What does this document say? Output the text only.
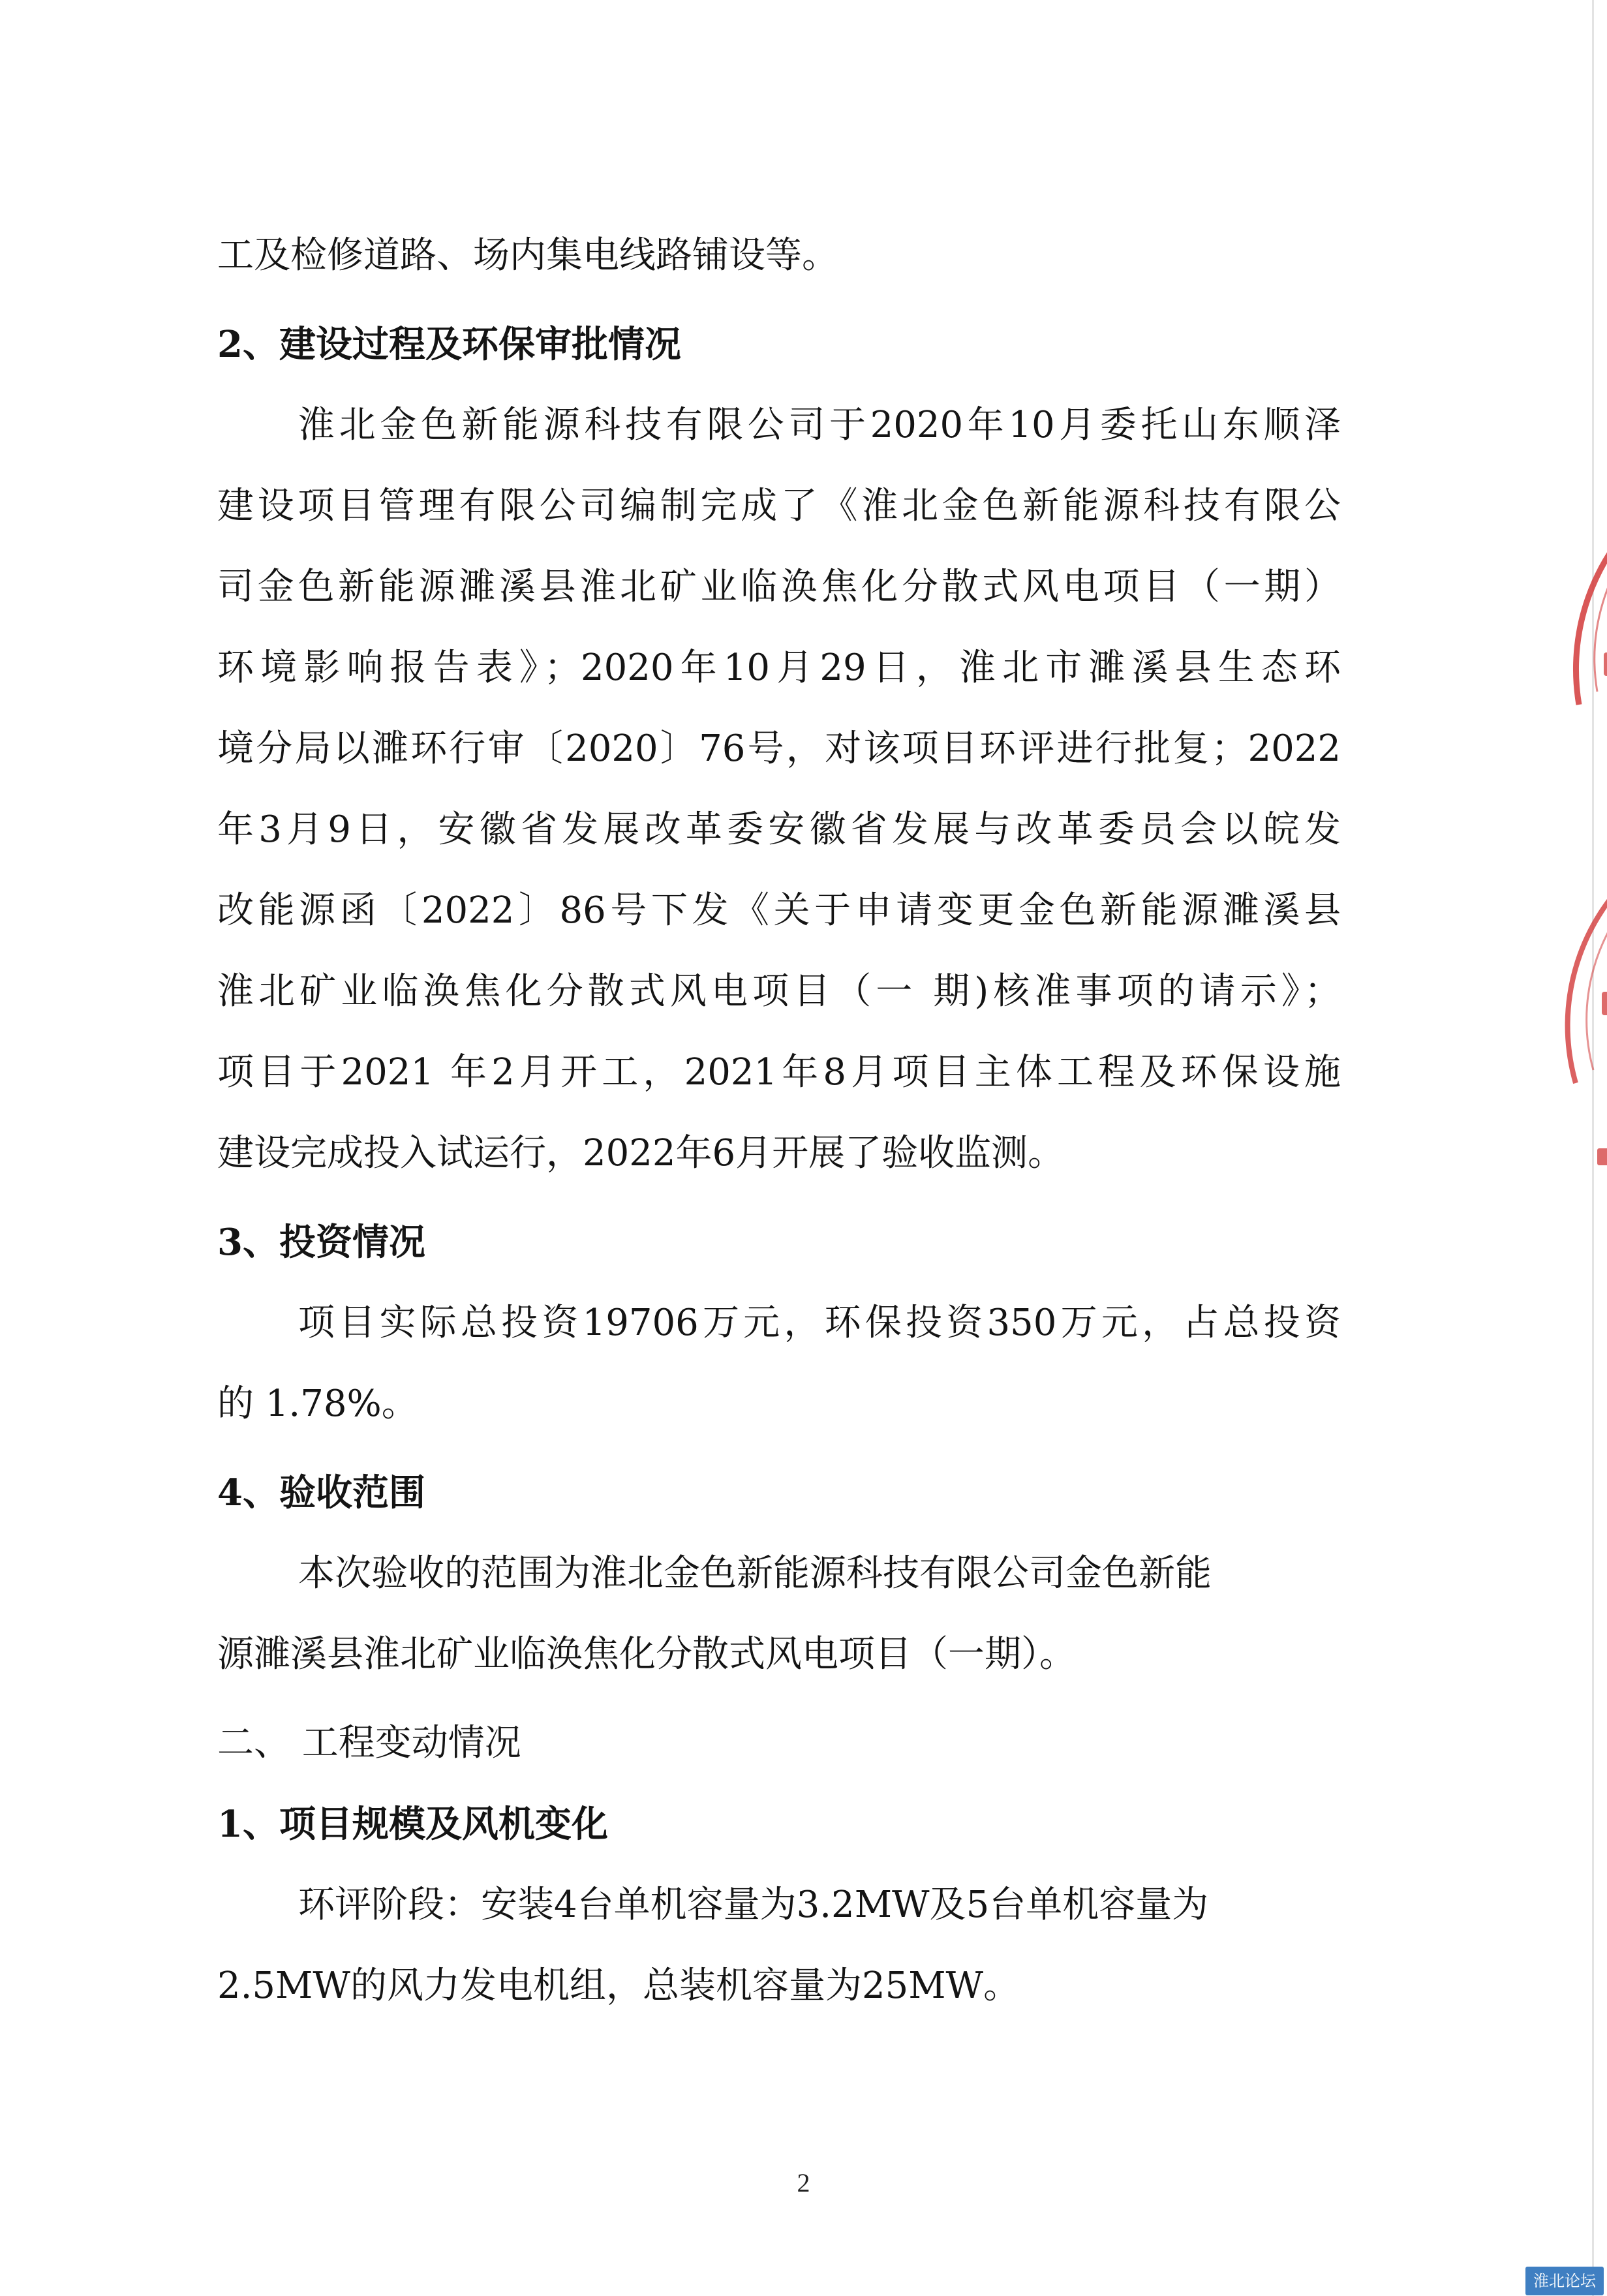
工及检修道路、场内集电线路铺设等。
2、建设过程及环保审批情况
淮北金色新能源科技有限公司于2020年10月委托山东顺泽
建设项目管理有限公司编制完成了《淮北金色新能源科技有限公
司金色新能源濉溪县淮北矿业临涣焦化分散式风电项目（一期）
环境影响报告表》；2020年10月29日，淮北市濉溪县生态环
境分局以濉环行审〔2020〕76号，对该项目环评进行批复；2022
年3月9日，安徽省发展改革委安徽省发展与改革委员会以皖发
改能源函〔2022〕86号下发《关于申请变更金色新能源濉溪县
淮北矿业临涣焦化分散式风电项目（一 期)核准事项的请示》；
项目于2021 年2月开工，2021年8月项目主体工程及环保设施
建设完成投入试运行，2022年6月开展了验收监测。
3、投资情况
项目实际总投资19706万元，环保投资350万元，占总投资
的 1.78%。
4、验收范围
本次验收的范围为淮北金色新能源科技有限公司金色新能
源濉溪县淮北矿业临涣焦化分散式风电项目（一期）。
二、 工程变动情况
1、项目规模及风机变化
环评阶段：安装4台单机容量为3.2MW及5台单机容量为
2.5MW的风力发电机组，总装机容量为25MW。
2
淮北论坛
